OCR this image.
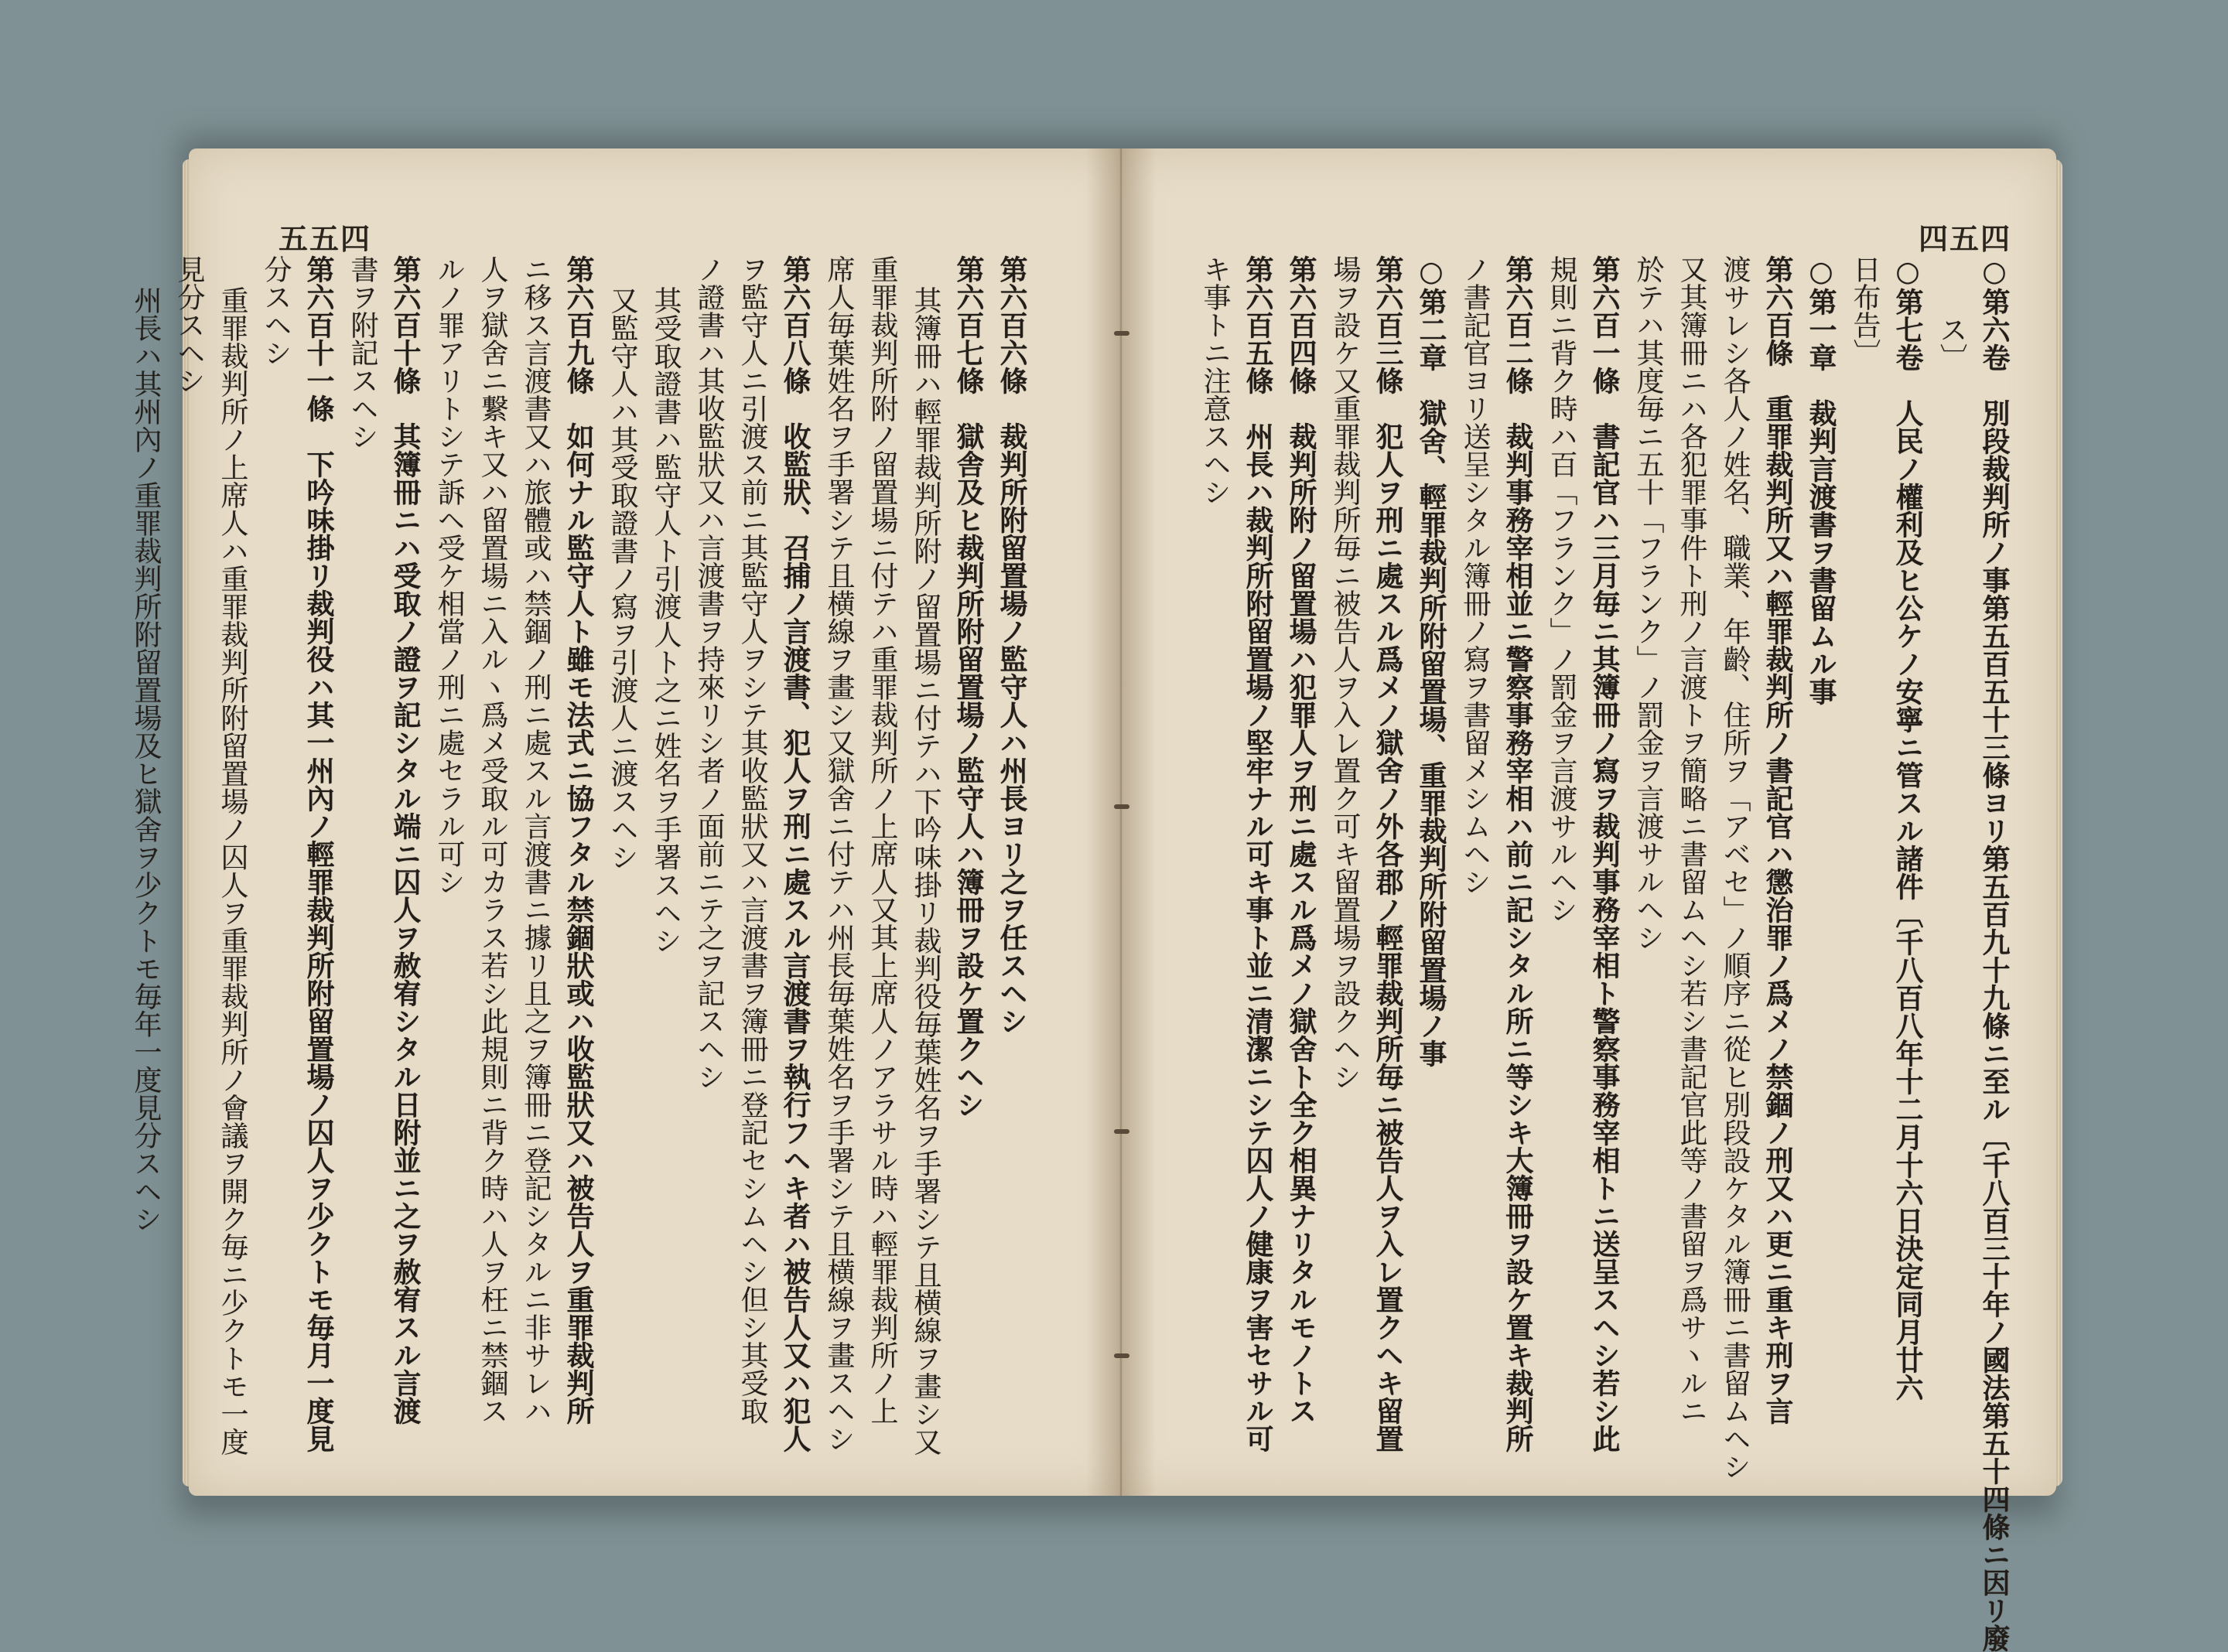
五五四	四五四
第六百六條　裁判所附留置場ノ監守人ハ州長ヨリ之ヲ任スヘシ
第六百七條　獄舎及ヒ裁判所附留置場ノ監守人ハ簿冊ヲ設ケ置クヘシ
其簿冊ハ輕罪裁判所附ノ留置場ニ付テハ下吟味掛リ裁判役毎葉姓名ヲ手署シテ且横線ヲ畫シ又
重罪裁判所附ノ留置場ニ付テハ重罪裁判所ノ上席人又其上席人ノアラサル時ハ輕罪裁判所ノ上
席人毎葉姓名ヲ手署シテ且横線ヲ畫シ又獄舍ニ付テハ州長毎葉姓名ヲ手署シテ且横線ヲ畫スヘシ
第六百八條　收監狀、召捕ノ言渡書、犯人ヲ刑ニ處スル言渡書ヲ執行フヘキ者ハ被告人又ハ犯人
ヲ監守人ニ引渡ス前ニ其監守人ヲシテ其收監狀又ハ言渡書ヲ簿冊ニ登記セシムヘシ但シ其受取
ノ證書ハ其收監狀又ハ言渡書ヲ持來リシ者ノ面前ニテ之ヲ記スヘシ
其受取證書ハ監守人ト引渡人ト之ニ姓名ヲ手署スヘシ
又監守人ハ其受取證書ノ寫ヲ引渡人ニ渡スヘシ
第六百九條　如何ナル監守人ト雖モ法式ニ協フタル禁錮狀或ハ收監狀又ハ被告人ヲ重罪裁判所
ニ移ス言渡書又ハ旅體或ハ禁錮ノ刑ニ處スル言渡書ニ據リ且之ヲ簿冊ニ登記シタルニ非サレハ
人ヲ獄舍ニ繋キ又ハ留置場ニ入ルヽ爲メ受取ル可カラス若シ此規則ニ背ク時ハ人ヲ枉ニ禁錮ス
ルノ罪アリトシテ訴ヘ受ケ相當ノ刑ニ處セラル可シ
第六百十條　其簿冊ニハ受取ノ證ヲ記シタル端ニ囚人ヲ赦宥シタル日附並ニ之ヲ赦宥スル言渡
書ヲ附記スヘシ
第六百十一條　下吟味掛リ裁判役ハ其一州內ノ輕罪裁判所附留置場ノ囚人ヲ少クトモ毎月一度見
分スヘシ
重罪裁判所ノ上席人ハ重罪裁判所附留置場ノ囚人ヲ重罪裁判所ノ會議ヲ開ク毎ニ少クトモ一度
見分スヘシ
州長ハ其州內ノ重罪裁判所附留置場及ヒ獄舍ヲ少クトモ毎年一度見分スヘシ	○第六卷　別段裁判所ノ事第五百五十三條ヨリ第五百九十九條ニ至ル〔千八百三十年ノ國法第五十四條ニ因リ廢
ス〕
○第七卷　人民ノ權利及ヒ公ケノ安寧ニ管スル諸件〔千八百八年十二月十六日決定同月廿六
日布告〕
○第一章　裁判言渡書ヲ書留ムル事
第六百條　重罪裁判所又ハ輕罪裁判所ノ書記官ハ懲治罪ノ爲メノ禁錮ノ刑又ハ更ニ重キ刑ヲ言
渡サレシ各人ノ姓名、職業、年齡、住所ヲ「アベセ」ノ順序ニ從ヒ別段設ケタル簿冊ニ書留ムヘシ
又其簿冊ニハ各犯罪事件ト刑ノ言渡トヲ簡略ニ書留ムヘシ若シ書記官此等ノ書留ヲ爲サヽルニ
於テハ其度毎ニ五十「フランク」ノ罰金ヲ言渡サルヘシ
第六百一條　書記官ハ三月毎ニ其簿冊ノ寫ヲ裁判事務宰相ト警察事務宰相トニ送呈スヘシ若シ此
規則ニ背ク時ハ百「フランク」ノ罰金ヲ言渡サルヘシ
第六百二條　裁判事務宰相並ニ警察事務宰相ハ前ニ記シタル所ニ等シキ大簿冊ヲ設ケ置キ裁判所
ノ書記官ヨリ送呈シタル簿冊ノ寫ヲ書留メシムヘシ
○第二章　獄舍、輕罪裁判所附留置場、重罪裁判所附留置場ノ事
第六百三條　犯人ヲ刑ニ處スル爲メノ獄舍ノ外各郡ノ輕罪裁判所毎ニ被告人ヲ入レ置クヘキ留置
場ヲ設ケ又重罪裁判所毎ニ被告人ヲ入レ置ク可キ留置場ヲ設クヘシ
第六百四條　裁判所附ノ留置場ハ犯罪人ヲ刑ニ處スル爲メノ獄舍ト全ク相異ナリタルモノトス
第六百五條　州長ハ裁判所附留置場ノ堅牢ナル可キ事ト並ニ清潔ニシテ囚人ノ健康ヲ害セサル可
キ事トニ注意スヘシ
